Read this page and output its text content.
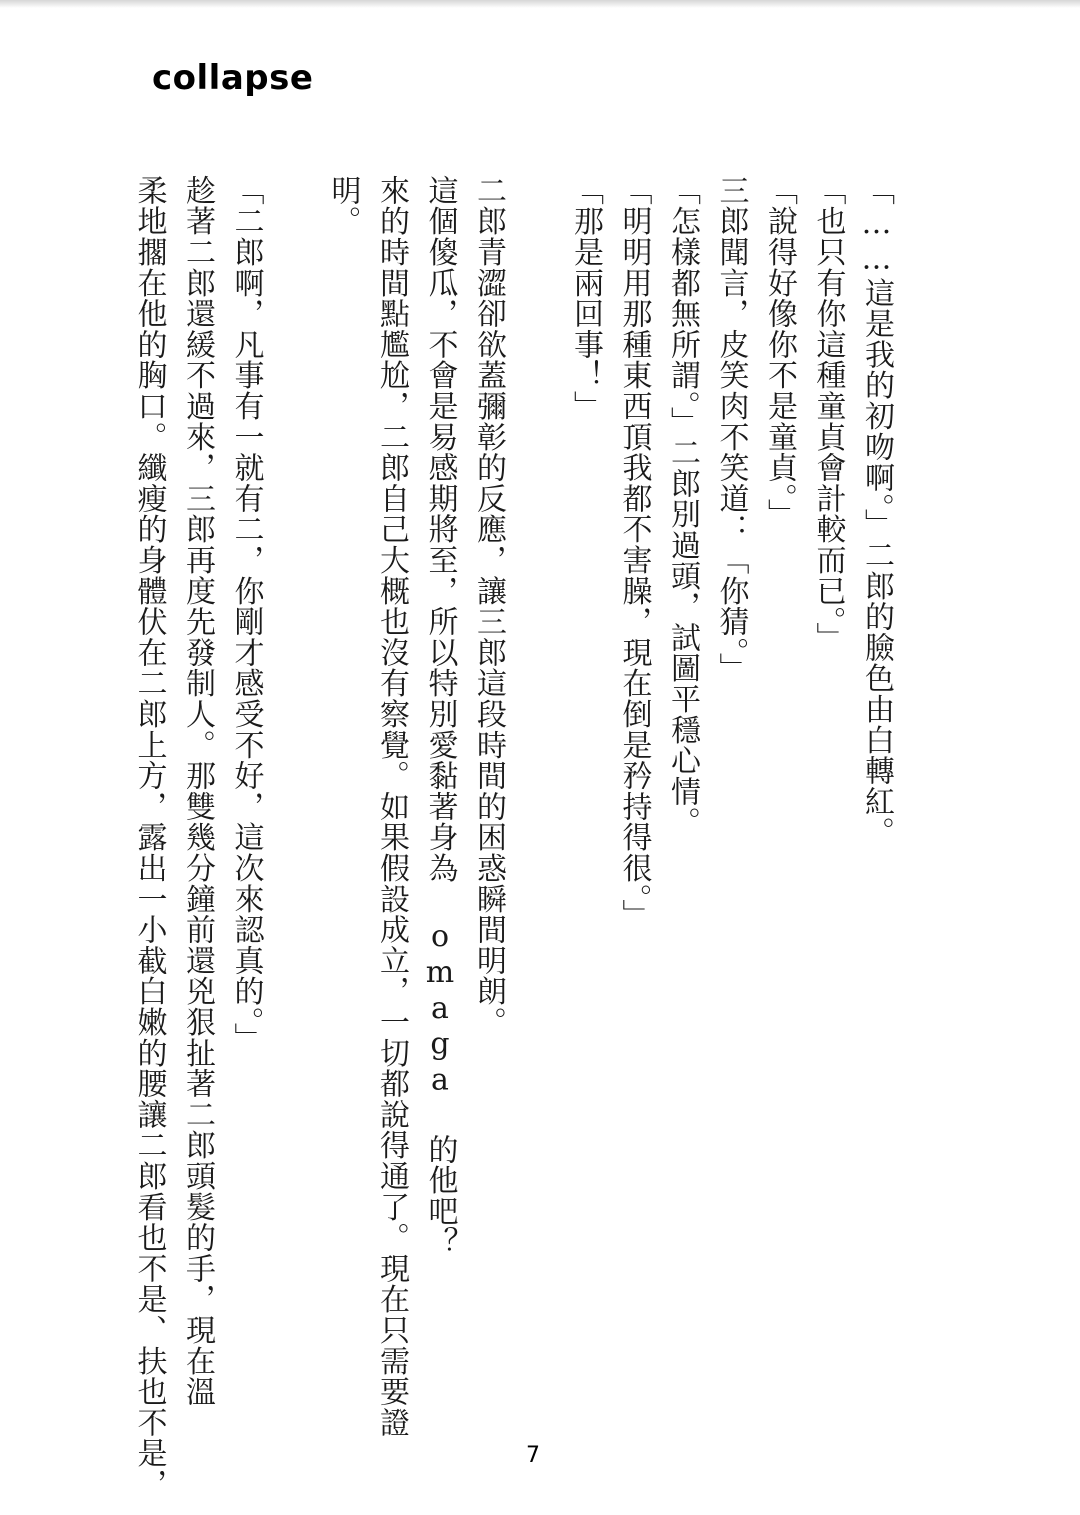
collapse

「……這是我的初吻啊。」二郎的臉色由白轉紅。

「也只有你這種童貞會計較而已。」

「說得好像你不是童貞。」

三郎聞言，皮笑肉不笑道：「你猜。」

「怎樣都無所謂。」二郎別過頭，試圖平穩心情。

「明明用那種東西頂我都不害臊，現在倒是矜持得很。」

「那是兩回事！」

二郎青澀卻欲蓋彌彰的反應，讓三郎這段時間的困惑瞬間明朗。

這個傻瓜，不會是易感期將至，所以特別愛黏著身為 omaga 的他吧？

來的時間點尷尬，二郎自己大概也沒有察覺。如果假設成立，一切都說得通了。現在只需要證

明。

「二郎啊，凡事有一就有二，你剛才感受不好，這次來認真的。」

趁著二郎還緩不過來，三郎再度先發制人。那雙幾分鐘前還兇狠扯著二郎頭髮的手，現在溫

柔地擱在他的胸口。纖瘦的身體伏在二郎上方，露出一小截白嫩的腰讓二郎看也不是、扶也不是，	7
